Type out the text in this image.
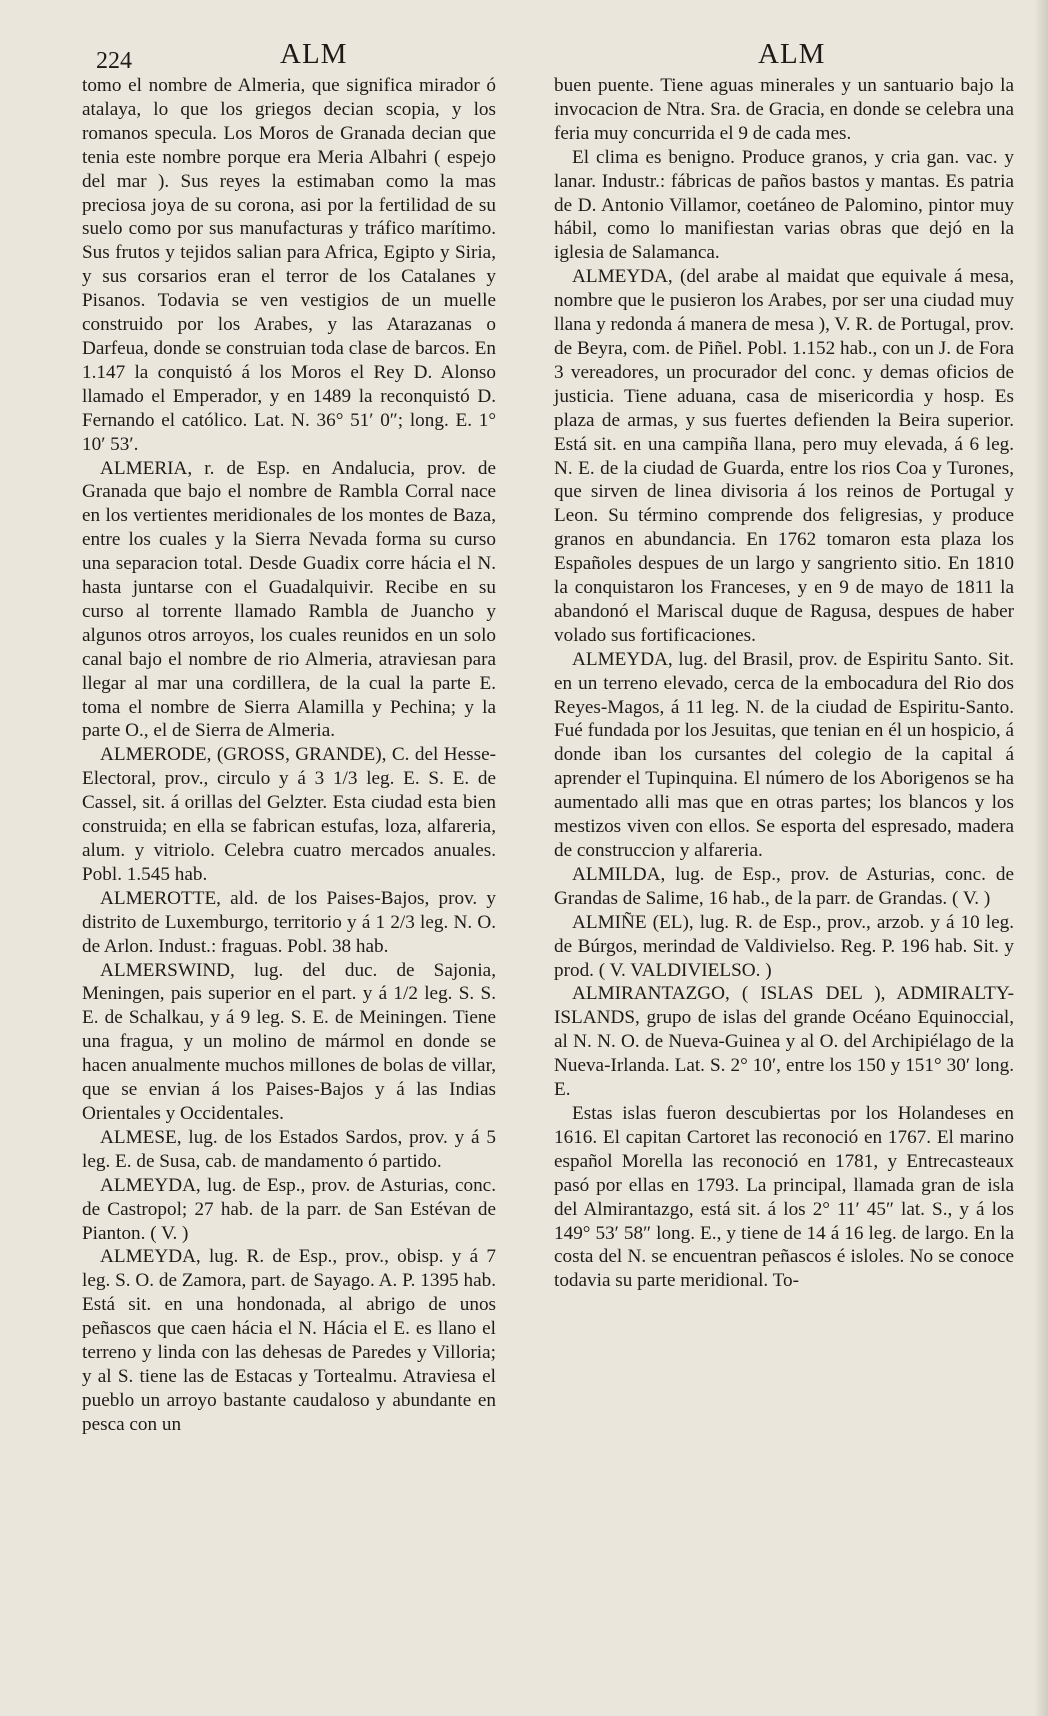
224	ALM	ALM

tomo el nombre de Almeria, que significa mirador ó atalaya, lo que los griegos decian scopia, y los romanos specula. Los Moros de Granada decian que tenia este nombre porque era Meria Albahri ( espejo del mar ). Sus reyes la estimaban como la mas preciosa joya de su corona, asi por la fertilidad de su suelo como por sus manufacturas y tráfico marítimo. Sus frutos y tejidos salian para Africa, Egipto y Siria, y sus corsarios eran el terror de los Catalanes y Pisanos. Todavia se ven vestigios de un muelle construido por los Arabes, y las Atarazanas o Darfeua, donde se construian toda clase de barcos. En 1.147 la conquistó á los Moros el Rey D. Alonso llamado el Emperador, y en 1489 la reconquistó D. Fernando el católico. Lat. N. 36° 51′ 0″; long. E. 1° 10′ 53′.

ALMERIA, r. de Esp. en Andalucia, prov. de Granada que bajo el nombre de Rambla Corral nace en los vertientes meridionales de los montes de Baza, entre los cuales y la Sierra Nevada forma su curso una separacion total. Desde Guadix corre hácia el N. hasta juntarse con el Guadalquivir. Recibe en su curso al torrente llamado Rambla de Juancho y algunos otros arroyos, los cuales reunidos en un solo canal bajo el nombre de rio Almeria, atraviesan para llegar al mar una cordillera, de la cual la parte E. toma el nombre de Sierra Alamilla y Pechina; y la parte O., el de Sierra de Almeria.

ALMERODE, (GROSS, GRANDE), C. del Hesse-Electoral, prov., circulo y á 3 1/3 leg. E. S. E. de Cassel, sit. á orillas del Gelzter. Esta ciudad esta bien construida; en ella se fabrican estufas, loza, alfareria, alum. y vitriolo. Celebra cuatro mercados anuales. Pobl. 1.545 hab.

ALMEROTTE, ald. de los Paises-Bajos, prov. y distrito de Luxemburgo, territorio y á 1 2/3 leg. N. O. de Arlon. Indust.: fraguas. Pobl. 38 hab.

ALMERSWIND, lug. del duc. de Sajonia, Meningen, pais superior en el part. y á 1/2 leg. S. S. E. de Schalkau, y á 9 leg. S. E. de Meiningen. Tiene una fragua, y un molino de mármol en donde se hacen anualmente muchos millones de bolas de villar, que se envian á los Paises-Bajos y á las Indias Orientales y Occidentales.

ALMESE, lug. de los Estados Sardos, prov. y á 5 leg. E. de Susa, cab. de mandamento ó partido.

ALMEYDA, lug. de Esp., prov. de Asturias, conc. de Castropol; 27 hab. de la parr. de San Estévan de Pianton. ( V. )

ALMEYDA, lug. R. de Esp., prov., obisp. y á 7 leg. S. O. de Zamora, part. de Sayago. A. P. 1395 hab. Está sit. en una hondonada, al abrigo de unos peñascos que caen hácia el N. Hácia el E. es llano el terreno y linda con las dehesas de Paredes y Villoria; y al S. tiene las de Estacas y Tortealmu. Atraviesa el pueblo un arroyo bastante caudaloso y abundante en pesca con un

buen puente. Tiene aguas minerales y un santuario bajo la invocacion de Ntra. Sra. de Gracia, en donde se celebra una feria muy concurrida el 9 de cada mes.

El clima es benigno. Produce granos, y cria gan. vac. y lanar. Industr.: fábricas de paños bastos y mantas. Es patria de D. Antonio Villamor, coetáneo de Palomino, pintor muy hábil, como lo manifiestan varias obras que dejó en la iglesia de Salamanca.

ALMEYDA, (del arabe al maidat que equivale á mesa, nombre que le pusieron los Arabes, por ser una ciudad muy llana y redonda á manera de mesa ), V. R. de Portugal, prov. de Beyra, com. de Piñel. Pobl. 1.152 hab., con un J. de Fora 3 vereadores, un procurador del conc. y demas oficios de justicia. Tiene aduana, casa de misericordia y hosp. Es plaza de armas, y sus fuertes defienden la Beira superior. Está sit. en una campiña llana, pero muy elevada, á 6 leg. N. E. de la ciudad de Guarda, entre los rios Coa y Turones, que sirven de linea divisoria á los reinos de Portugal y Leon. Su término comprende dos feligresias, y produce granos en abundancia. En 1762 tomaron esta plaza los Españoles despues de un largo y sangriento sitio. En 1810 la conquistaron los Franceses, y en 9 de mayo de 1811 la abandonó el Mariscal duque de Ragusa, despues de haber volado sus fortificaciones.

ALMEYDA, lug. del Brasil, prov. de Espiritu Santo. Sit. en un terreno elevado, cerca de la embocadura del Rio dos Reyes-Magos, á 11 leg. N. de la ciudad de Espiritu-Santo. Fué fundada por los Jesuitas, que tenian en él un hospicio, á donde iban los cursantes del colegio de la capital á aprender el Tupinquina. El número de los Aborigenos se ha aumentado alli mas que en otras partes; los blancos y los mestizos viven con ellos. Se esporta del espresado, madera de construccion y alfareria.

ALMILDA, lug. de Esp., prov. de Asturias, conc. de Grandas de Salime, 16 hab., de la parr. de Grandas. ( V. )

ALMIÑE (EL), lug. R. de Esp., prov., arzob. y á 10 leg. de Búrgos, merindad de Valdivielso. Reg. P. 196 hab. Sit. y prod. ( V. VALDIVIELSO. )

ALMIRANTAZGO, ( ISLAS DEL ), ADMIRALTY-ISLANDS, grupo de islas del grande Océano Equinoccial, al N. N. O. de Nueva-Guinea y al O. del Archipiélago de la Nueva-Irlanda. Lat. S. 2° 10′, entre los 150 y 151° 30′ long. E.

Estas islas fueron descubiertas por los Holandeses en 1616. El capitan Cartoret las reconoció en 1767. El marino español Morella las reconoció en 1781, y Entrecasteaux pasó por ellas en 1793. La principal, llamada gran de isla del Almirantazgo, está sit. á los 2° 11′ 45″ lat. S., y á los 149° 53′ 58″ long. E., y tiene de 14 á 16 leg. de largo. En la costa del N. se encuentran peñascos é isloles. No se conoce todavia su parte meridional. To-
